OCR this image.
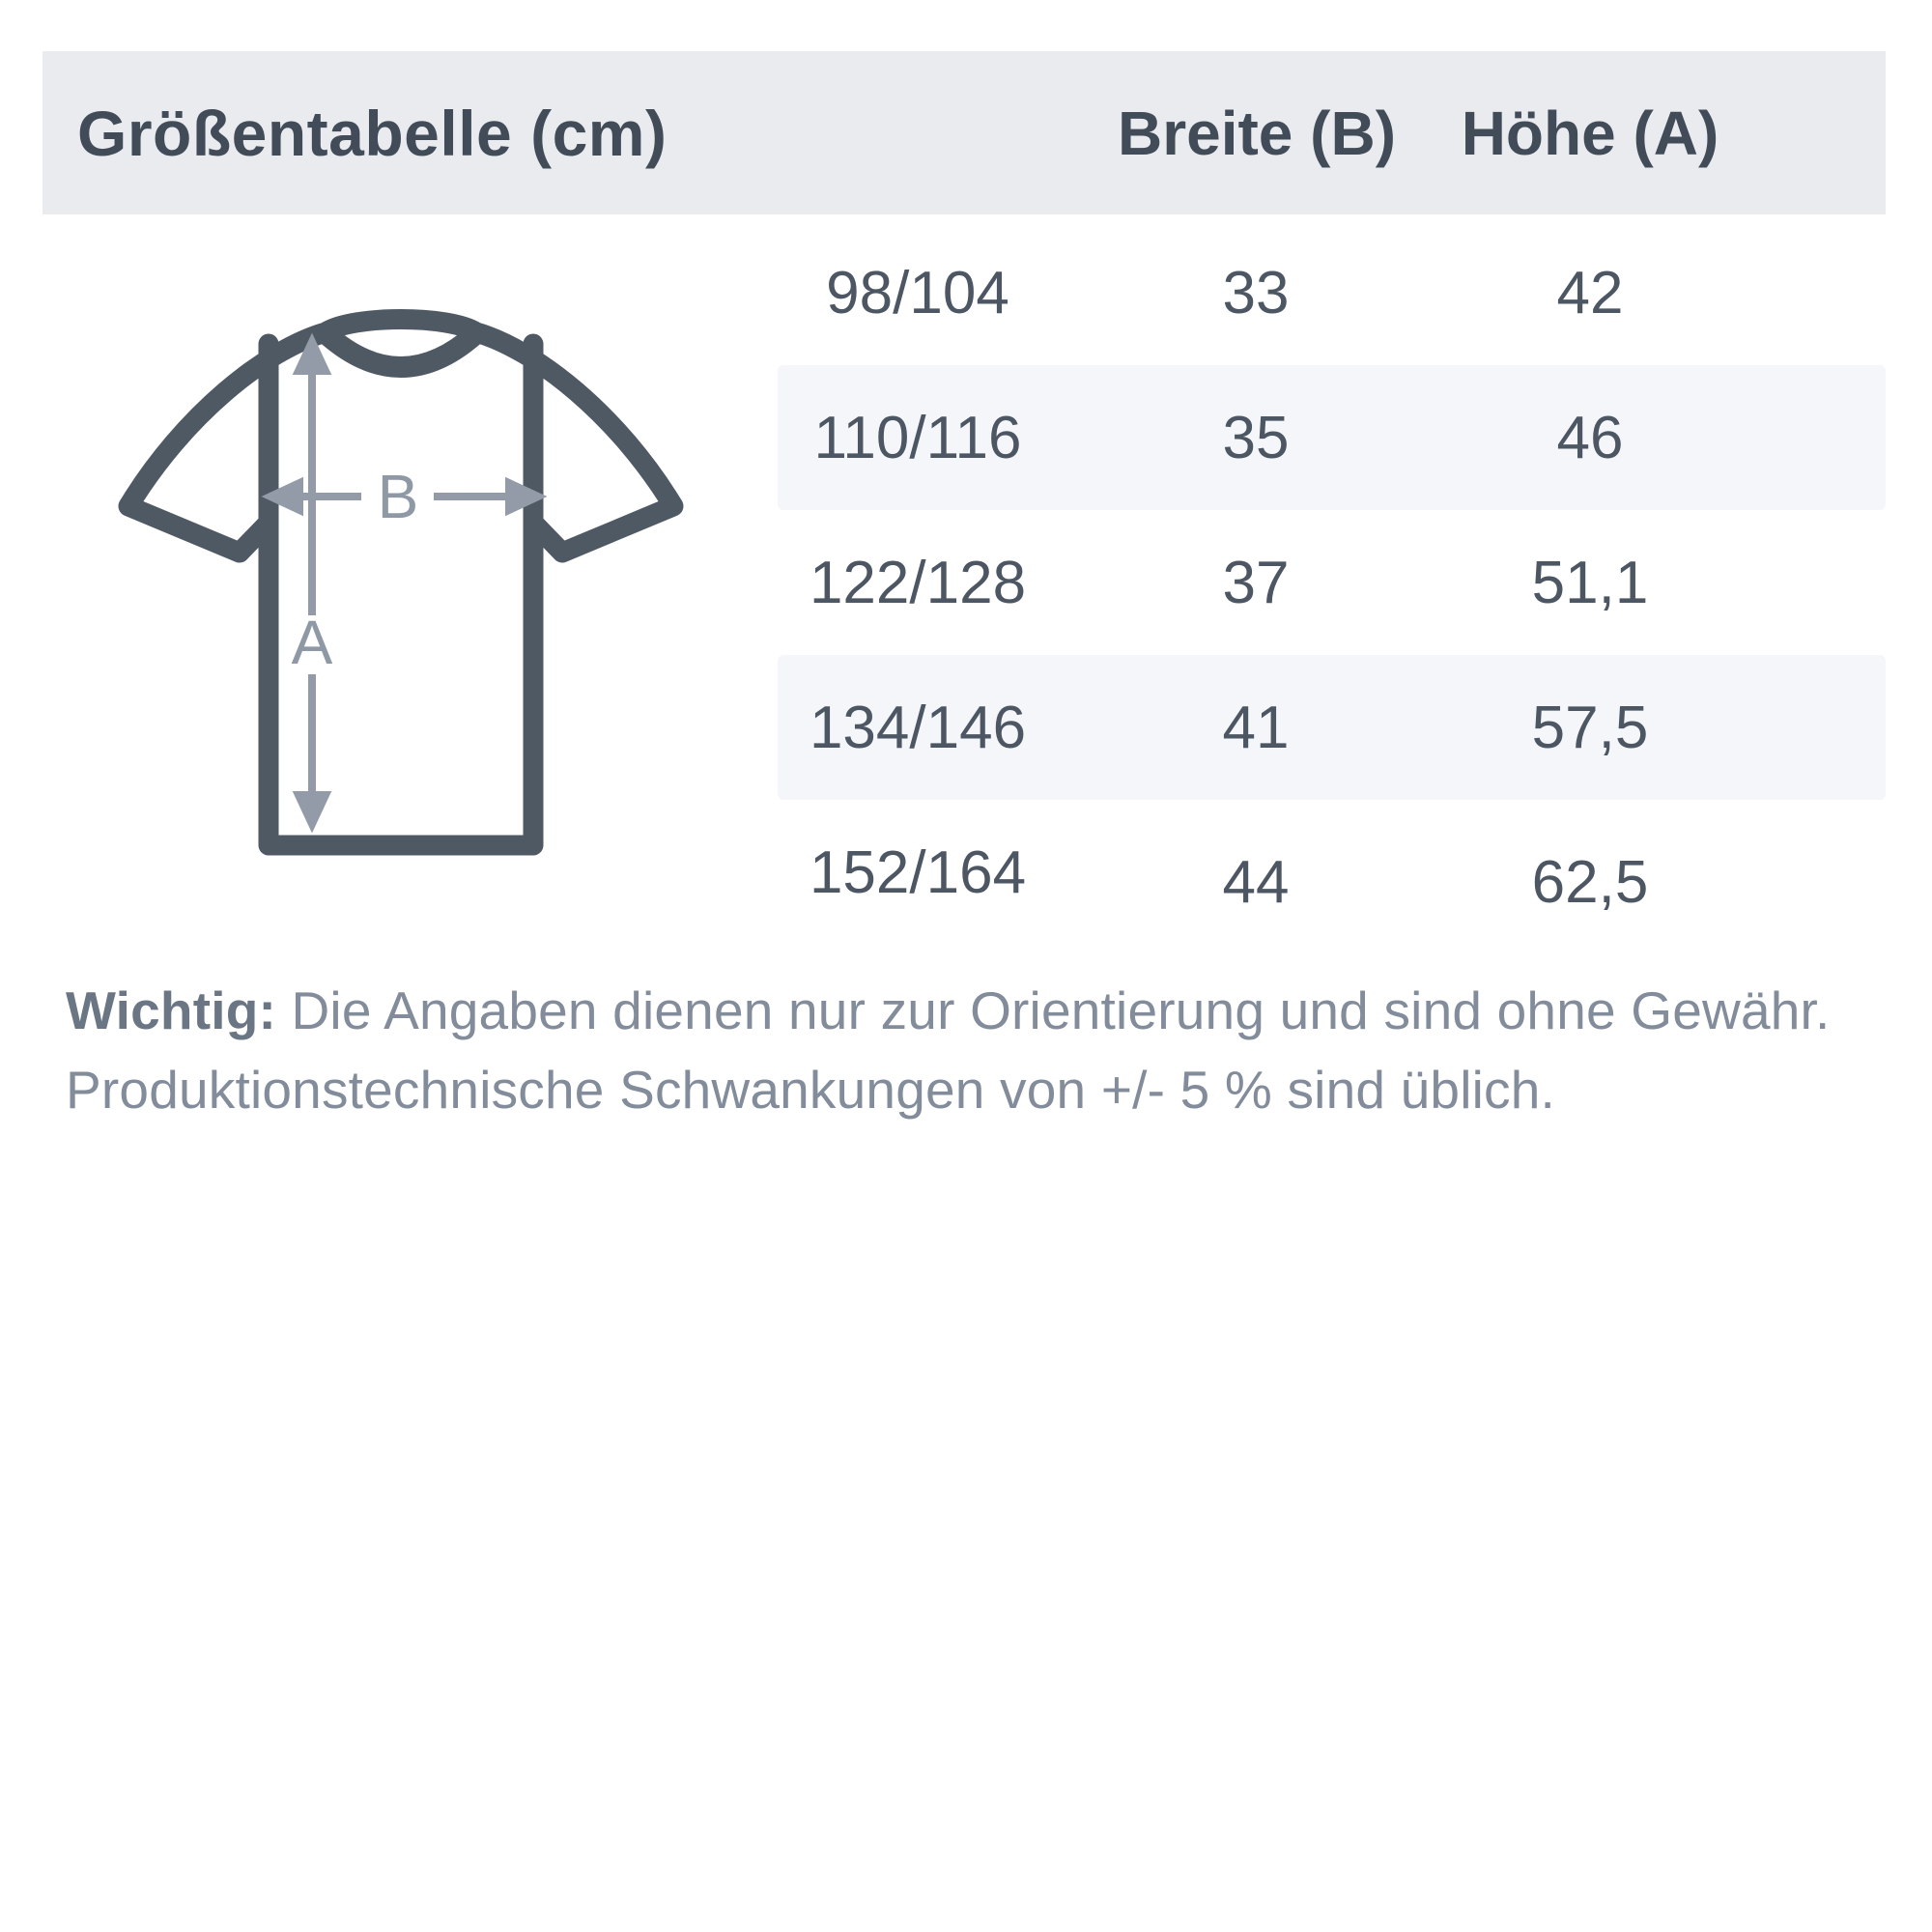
Größentabelle (cm)	Breite (B) Höhe (A)
A
B
98/104	33	42
110/116	35	46
122/128	37	51,1
134/146	41	57,5
152/164	44	62,5
Wichtig: Die Angaben dienen nur zur Orientierung und sind ohne Gewähr.
Produktionstechnische Schwankungen von +/- 5 % sind üblich.
